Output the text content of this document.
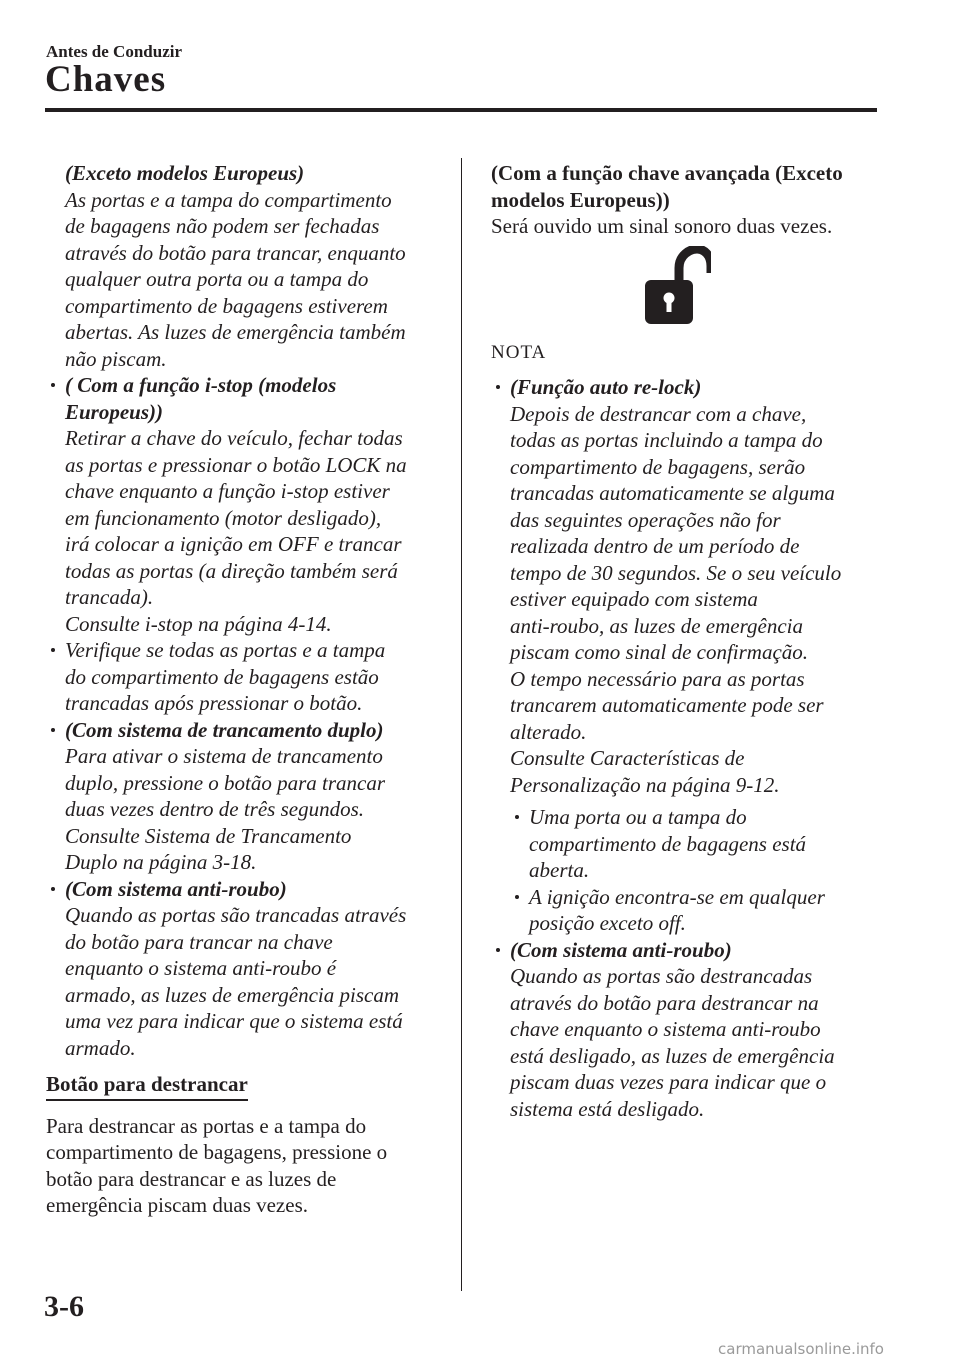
Antes de Conduzir
Chaves
(Exceto modelos Europeus)
As portas e a tampa do compartimento
de bagagens não podem ser fechadas
através do botão para trancar, enquanto
qualquer outra porta ou a tampa do
compartimento de bagagens estiverem
abertas. As luzes de emergência também
não piscam.
( Com a função i-stop (modelos
Europeus))
Retirar a chave do veículo, fechar todas
as portas e pressionar o botão LOCK na
chave enquanto a função i-stop estiver
em funcionamento (motor desligado),
irá colocar a ignição em OFF e trancar
todas as portas (a direção também será
trancada).
Consulte i-stop na página 4-14.
Verifique se todas as portas e a tampa
do compartimento de bagagens estão
trancadas após pressionar o botão.
(Com sistema de trancamento duplo)
Para ativar o sistema de trancamento
duplo, pressione o botão para trancar
duas vezes dentro de três segundos.
Consulte Sistema de Trancamento
Duplo na página 3-18.
(Com sistema anti-roubo)
Quando as portas são trancadas através
do botão para trancar na chave
enquanto o sistema anti-roubo é
armado, as luzes de emergência piscam
uma vez para indicar que o sistema está
armado.
Botão para destrancar
Para destrancar as portas e a tampa do
compartimento de bagagens, pressione o
botão para destrancar e as luzes de
emergência piscam duas vezes.
(Com a função chave avançada (Exceto
modelos Europeus))
Será ouvido um sinal sonoro duas vezes.
NOTA
(Função auto re-lock)
Depois de destrancar com a chave,
todas as portas incluindo a tampa do
compartimento de bagagens, serão
trancadas automaticamente se alguma
das seguintes operações não for
realizada dentro de um período de
tempo de 30 segundos. Se o seu veículo
estiver equipado com sistema
anti-roubo, as luzes de emergência
piscam como sinal de confirmação.
O tempo necessário para as portas
trancarem automaticamente pode ser
alterado.
Consulte Características de
Personalização na página 9-12.
Uma porta ou a tampa do
compartimento de bagagens está
aberta.
A ignição encontra-se em qualquer
posição exceto off.
(Com sistema anti-roubo)
Quando as portas são destrancadas
através do botão para destrancar na
chave enquanto o sistema anti-roubo
está desligado, as luzes de emergência
piscam duas vezes para indicar que o
sistema está desligado.
3-6
carmanualsonline.info
